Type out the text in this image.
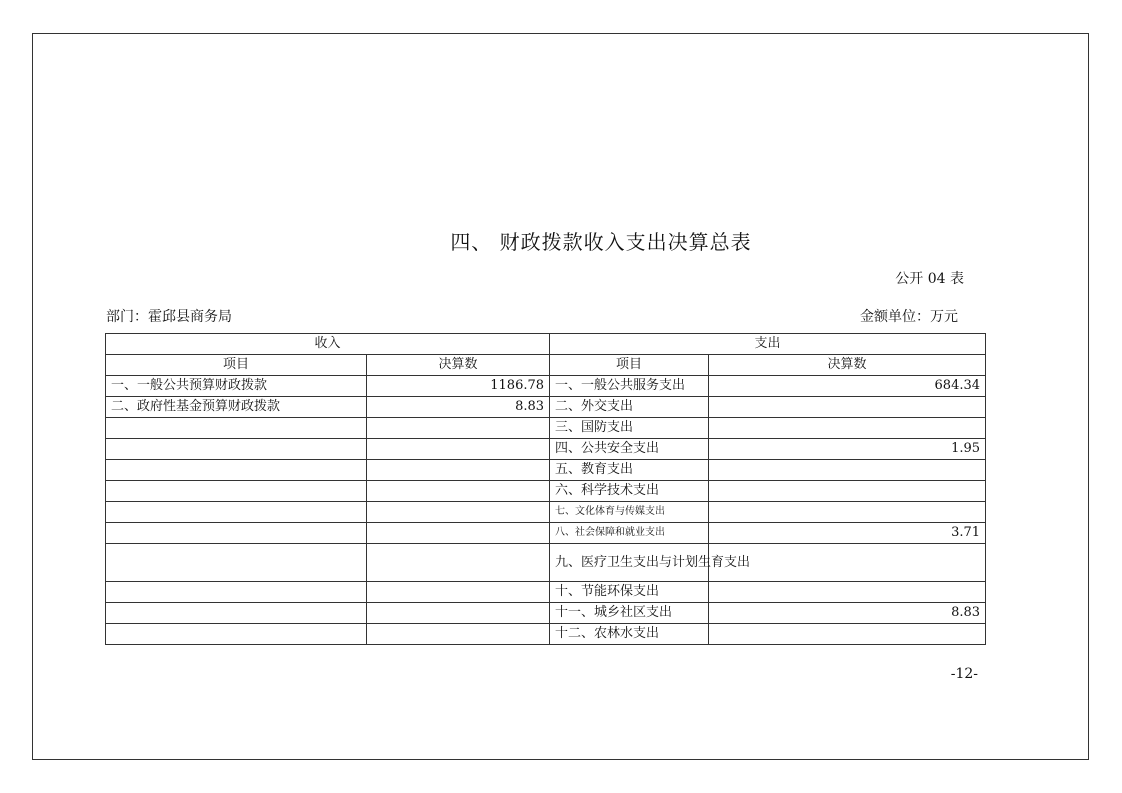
四、 财政拨款收入支出决算总表
公开 04 表
部门：霍邱县商务局	金额单位：万元
收入		支出	
项目	决算数	项目	决算数
一、一般公共预算财政拨款	1186.78	一、一般公共服务支出	684.34
二、政府性基金预算财政拨款	8.83	二、外交支出	
		三、国防支出	
		四、公共安全支出	1.95
		五、教育支出	
		六、科学技术支出	
		七、文化体育与传媒支出	
		八、社会保障和就业支出	3.71
		九、医疗卫生支出与计划生育支出	
		十、节能环保支出	
		十一、城乡社区支出	8.83
		十二、农林水支出	
-12-
